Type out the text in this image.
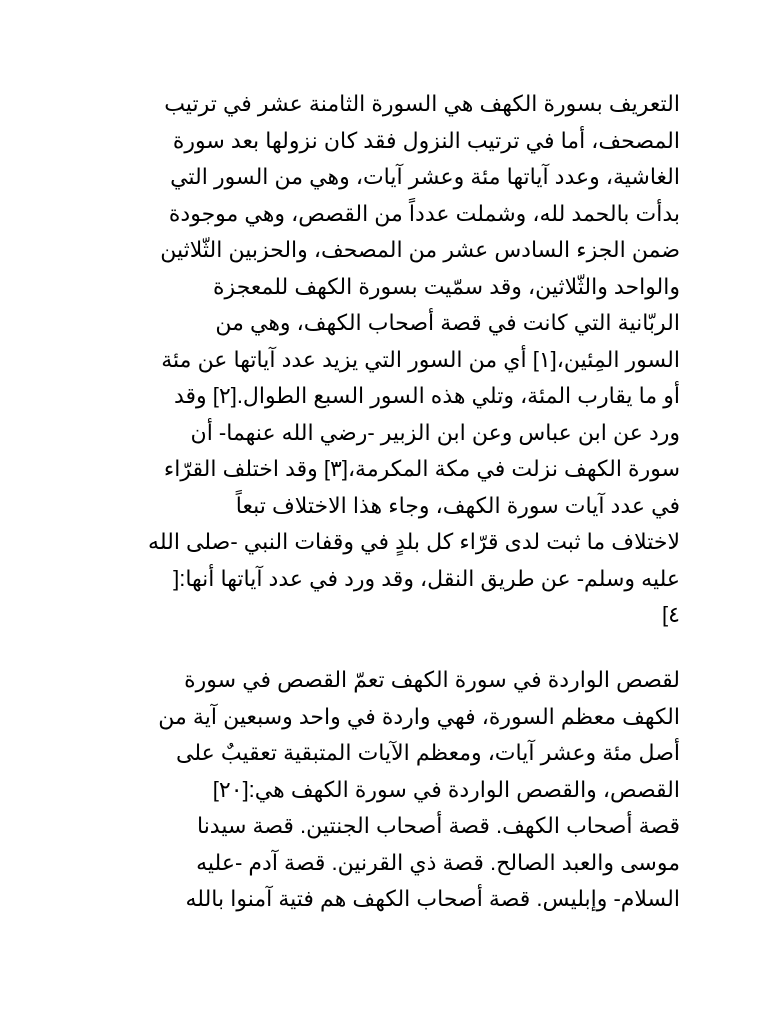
التعريف بسورة الكهف هي السورة الثامنة عشر في ترتيب
المصحف، أما في ترتيب النزول فقد كان نزولها بعد سورة
الغاشية، وعدد آياتها مئة وعشر آيات، وهي من السور التي
بدأت بالحمد لله، وشملت عدداً من القصص، وهي موجودة
ضمن الجزء السادس عشر من المصحف، والحزبين الثّلاثين
والواحد والثّلاثين، وقد سمّيت بسورة الكهف للمعجزة
الربّانية التي كانت في قصة أصحاب الكهف، وهي من
السور المِئين،[١] أي من السور التي يزيد عدد آياتها عن مئة
أو ما يقارب المئة، وتلي هذه السور السبع الطوال.[٢] وقد
ورد عن ابن عباس وعن ابن الزبير -رضي الله عنهما- أن
سورة الكهف نزلت في مكة المكرمة،[٣] وقد اختلف القرّاء
في عدد آيات سورة الكهف، وجاء هذا الاختلاف تبعاً
لاختلاف ما ثبت لدى قرّاء كل بلدٍ في وقفات النبي -صلى الله
عليه وسلم- عن طريق النقل، وقد ورد في عدد آياتها أنها:[
٤]
لقصص الواردة في سورة الكهف تعمّ القصص في سورة
الكهف معظم السورة، فهي واردة في واحد وسبعين آية من
أصل مئة وعشر آيات، ومعظم الآيات المتبقية تعقيبٌ على
القصص، والقصص الواردة في سورة الكهف هي:[٢٠]
قصة أصحاب الكهف. قصة أصحاب الجنتين. قصة سيدنا
موسى والعبد الصالح. قصة ذي القرنين. قصة آدم -عليه
السلام- وإبليس. قصة أصحاب الكهف هم فتية آمنوا بالله
